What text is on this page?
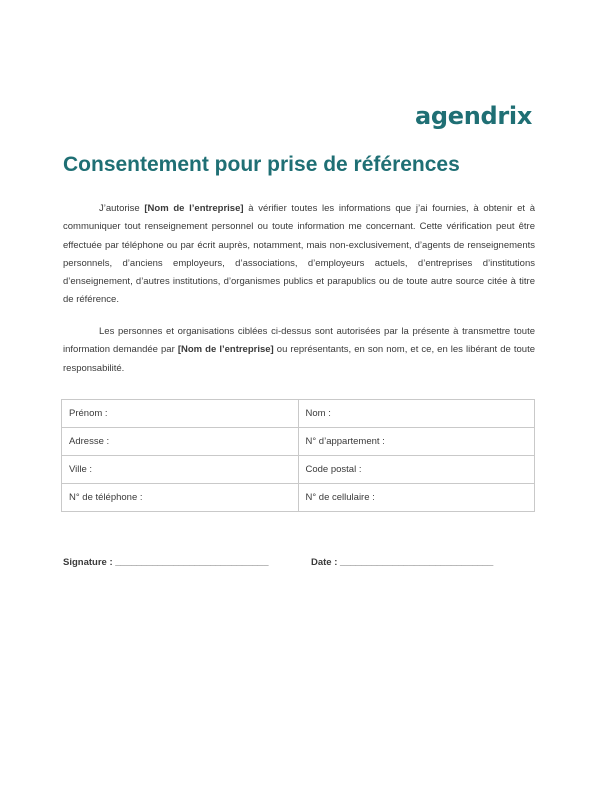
agendrix
Consentement pour prise de références

J’autorise [Nom de l’entreprise] à vérifier toutes les informations que j’ai fournies, à obtenir et à communiquer tout renseignement personnel ou toute information me concernant. Cette vérification peut être effectuée par téléphone ou par écrit auprès, notamment, mais non-exclusivement, d’agents de renseignements personnels, d’anciens employeurs, d’associations, d’employeurs actuels, d’entreprises d’institutions d’enseignement, d’autres institutions, d’organismes publics et parapublics ou de toute autre source citée à titre de référence.

Les personnes et organisations ciblées ci-dessus sont autorisées par la présente à transmettre toute information demandée par [Nom de l’entreprise] ou représentants, en son nom, et ce, en les libérant de toute responsabilité.

Prénom :	Nom :
Adresse :	N° d’appartement :
Ville :	Code postal :
N° de téléphone :	N° de cellulaire :
Signature : _____________________________	Date : _____________________________
